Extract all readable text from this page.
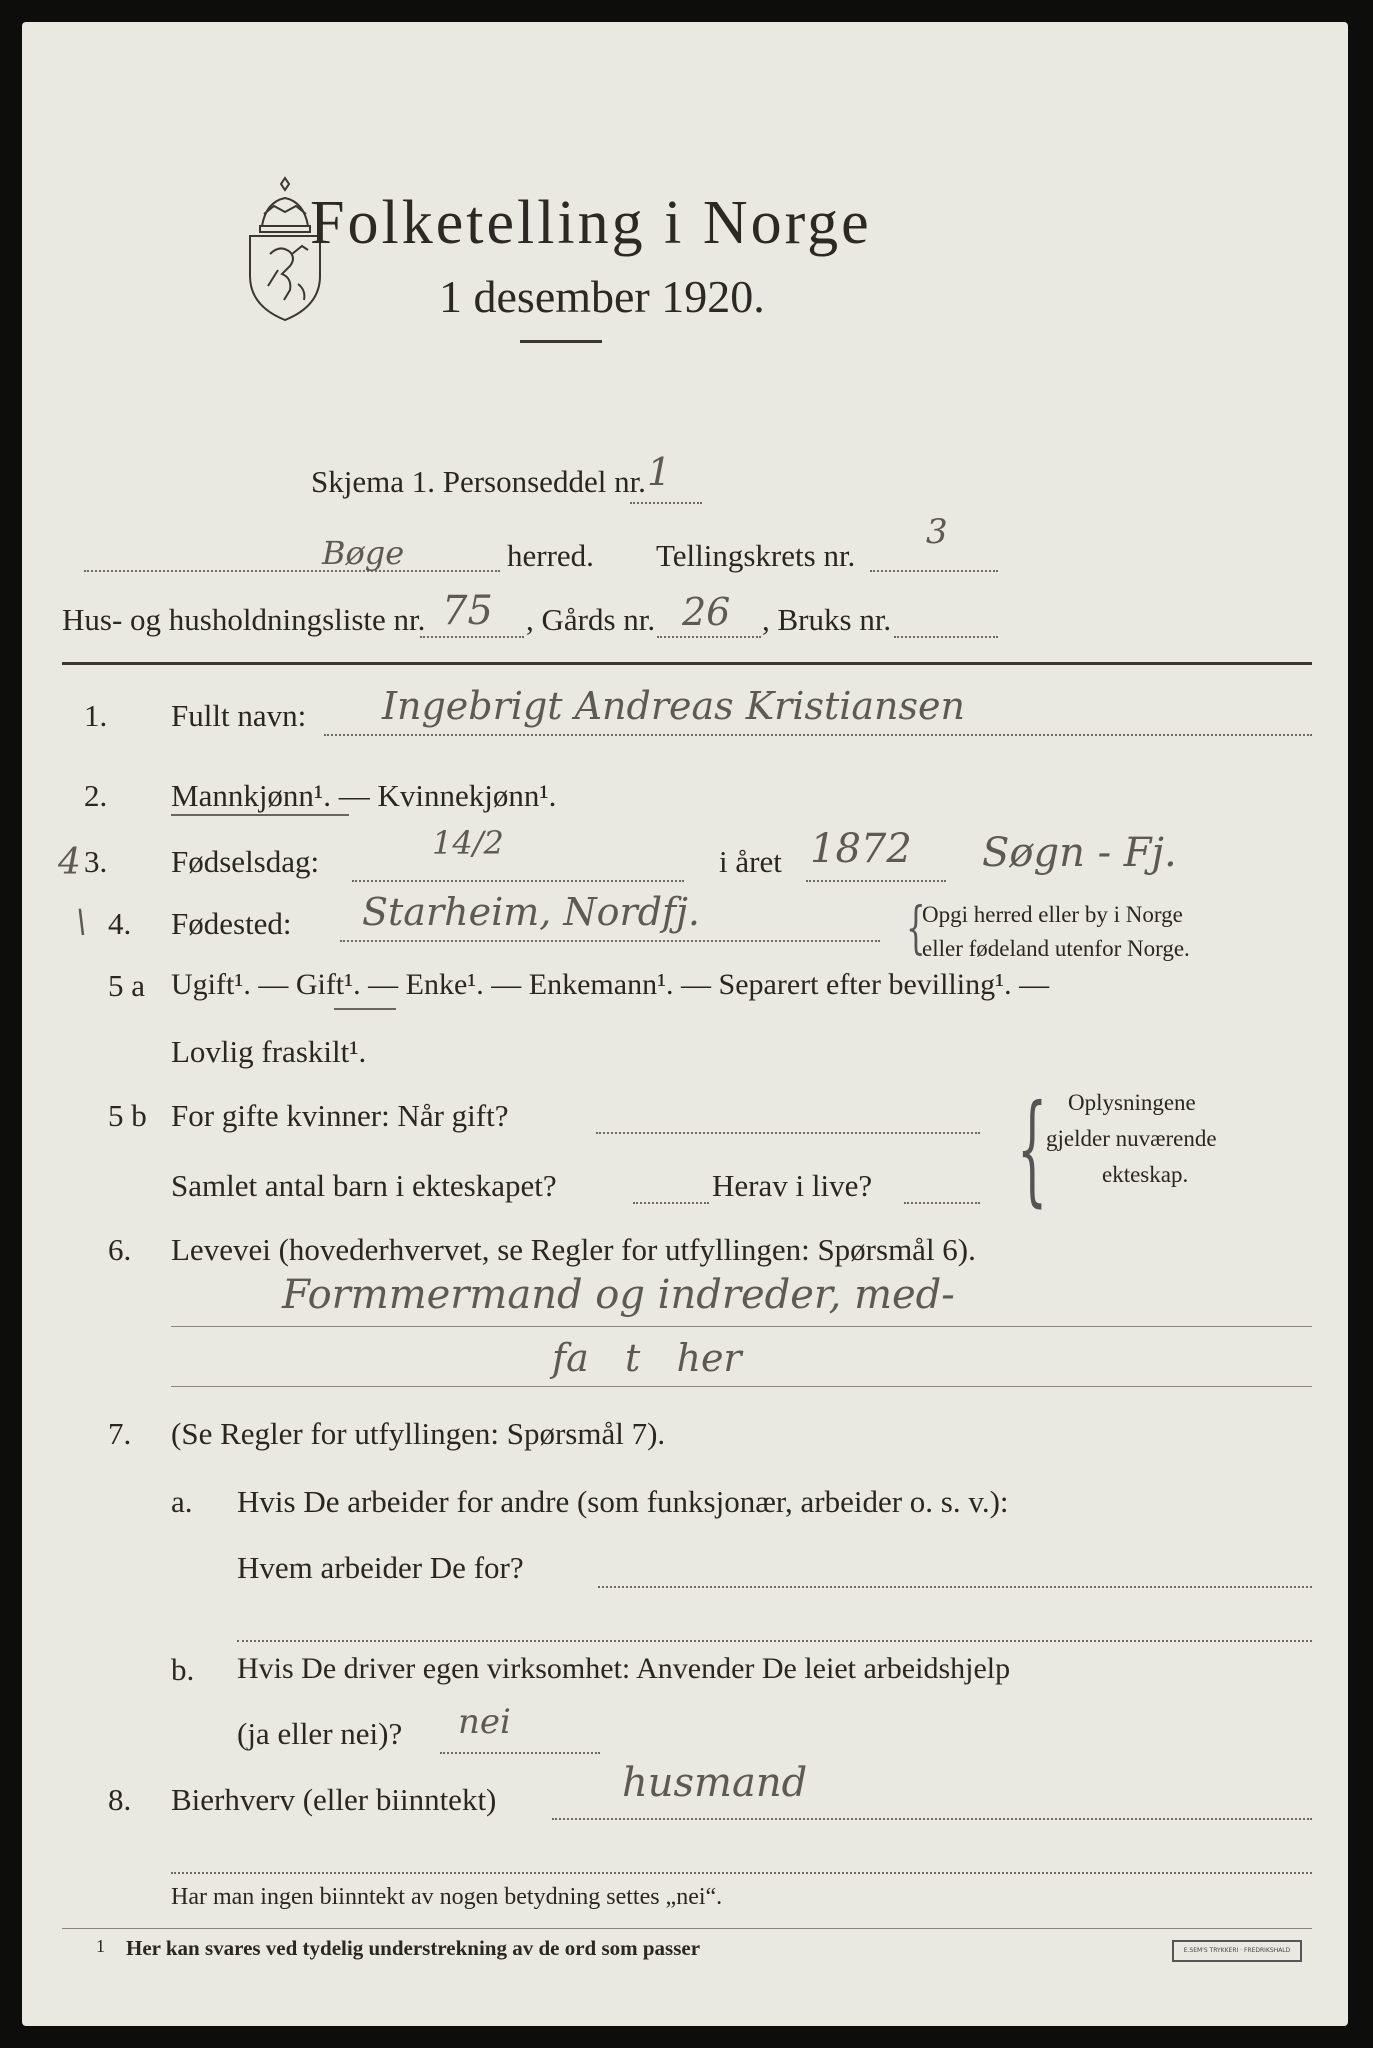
Folketelling i Norge
1 desember 1920.
Skjema 1. Personseddel nr. 1
Bøge	herred. Tellingskrets nr.
3
Hus- og husholdningsliste nr. 75 , Gårds nr. 26 , Bruks nr.
1. Fullt navn: Ingebrigt Andreas Kristiansen
2. Mannkjønn¹. — Kvinnekjønn¹.
4 3. Fødselsdag:	14/2	i året 1872 Søgn - Fj.
\ 4. Fødested: Starheim, Nordfj.	{
Opgi herred eller by i Norge
eller fødeland utenfor Norge.
5 a Ugift¹. — Gift¹. — Enke¹. — Enkemann¹. — Separert efter bevilling¹. —
Lovlig fraskilt¹.
5 b For gifte kvinner: Når gift?
Samlet antal barn i ekteskapet?	Herav i live? { Oplysningene
gjelder nuværende
ekteskap.
6. Levevei (hovederhvervet, se Regler for utfyllingen: Spørsmål 6).
Formmermand og indreder, med-
fa   t   her
7. (Se Regler for utfyllingen: Spørsmål 7).
a. Hvis De arbeider for andre (som funksjonær, arbeider o. s. v.):
Hvem arbeider De for?
b. Hvis De driver egen virksomhet: Anvender De leiet arbeidshjelp
(ja eller nei)? nei
8. Bierhverv (eller biinntekt)	husmand
Har man ingen biinntekt av nogen betydning settes „nei“.
1 Her kan svares ved tydelig understrekning av de ord som passer	E.SEM'S TRYKKERI · FREDRIKSHALD
